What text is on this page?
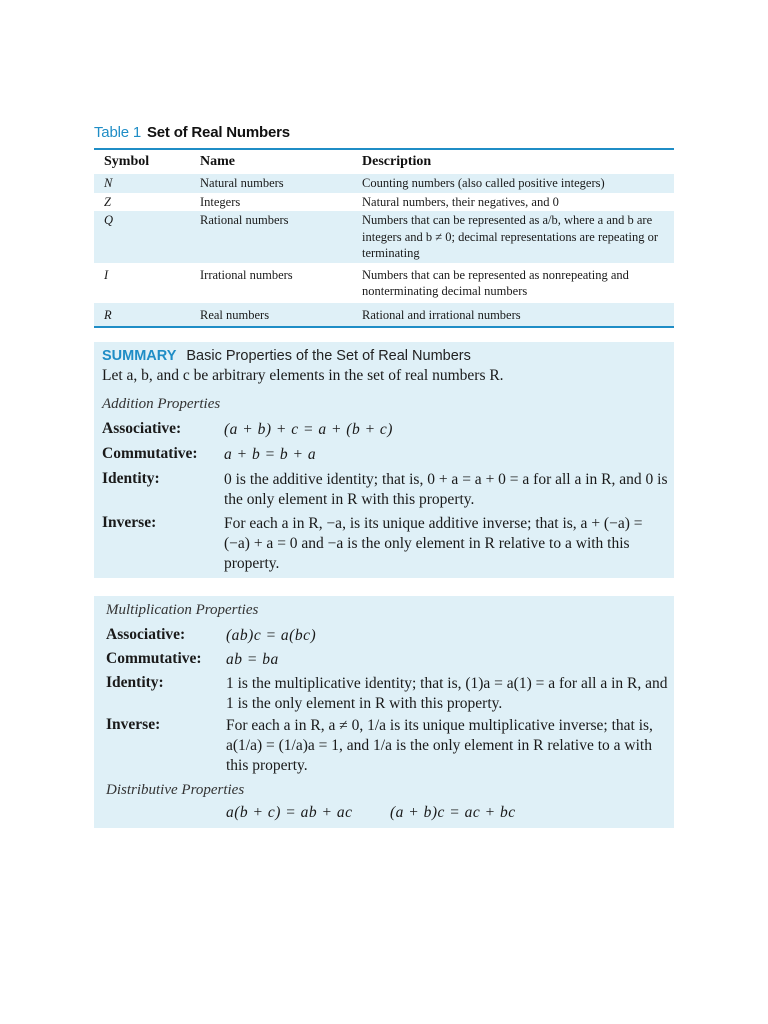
Table 1 Set of Real Numbers
Symbol	Name	Description
N	Natural numbers	Counting numbers (also called positive integers)
Z	Integers	Natural numbers, their negatives, and 0
Q	Rational numbers	Numbers that can be represented as a/b, where a and b are integers and b ≠ 0; decimal representations are repeating or terminating
I	Irrational numbers	Numbers that can be represented as nonrepeating and nonterminating decimal numbers
R	Real numbers	Rational and irrational numbers
SUMMARY Basic Properties of the Set of Real Numbers
Let a, b, and c be arbitrary elements in the set of real numbers R.
Addition Properties
Associative:	(a + b) + c = a + (b + c)
Commutative: a + b = b + a
Identity:	0 is the additive identity; that is, 0 + a = a + 0 = a for all a in R, and 0 is the only element in R with this property.
Inverse:	For each a in R, −a, is its unique additive inverse; that is, a + (−a) = (−a) + a = 0 and −a is the only element in R relative to a with this property.
Multiplication Properties
Associative:	(ab)c = a(bc)
Commutative: ab = ba
Identity:	1 is the multiplicative identity; that is, (1)a = a(1) = a for all a in R, and 1 is the only element in R with this property.
Inverse:	For each a in R, a ≠ 0, 1/a is its unique multiplicative inverse; that is, a(1/a) = (1/a)a = 1, and 1/a is the only element in R relative to a with this property.
Distributive Properties
a(b + c) = ab + ac (a + b)c = ac + bc
